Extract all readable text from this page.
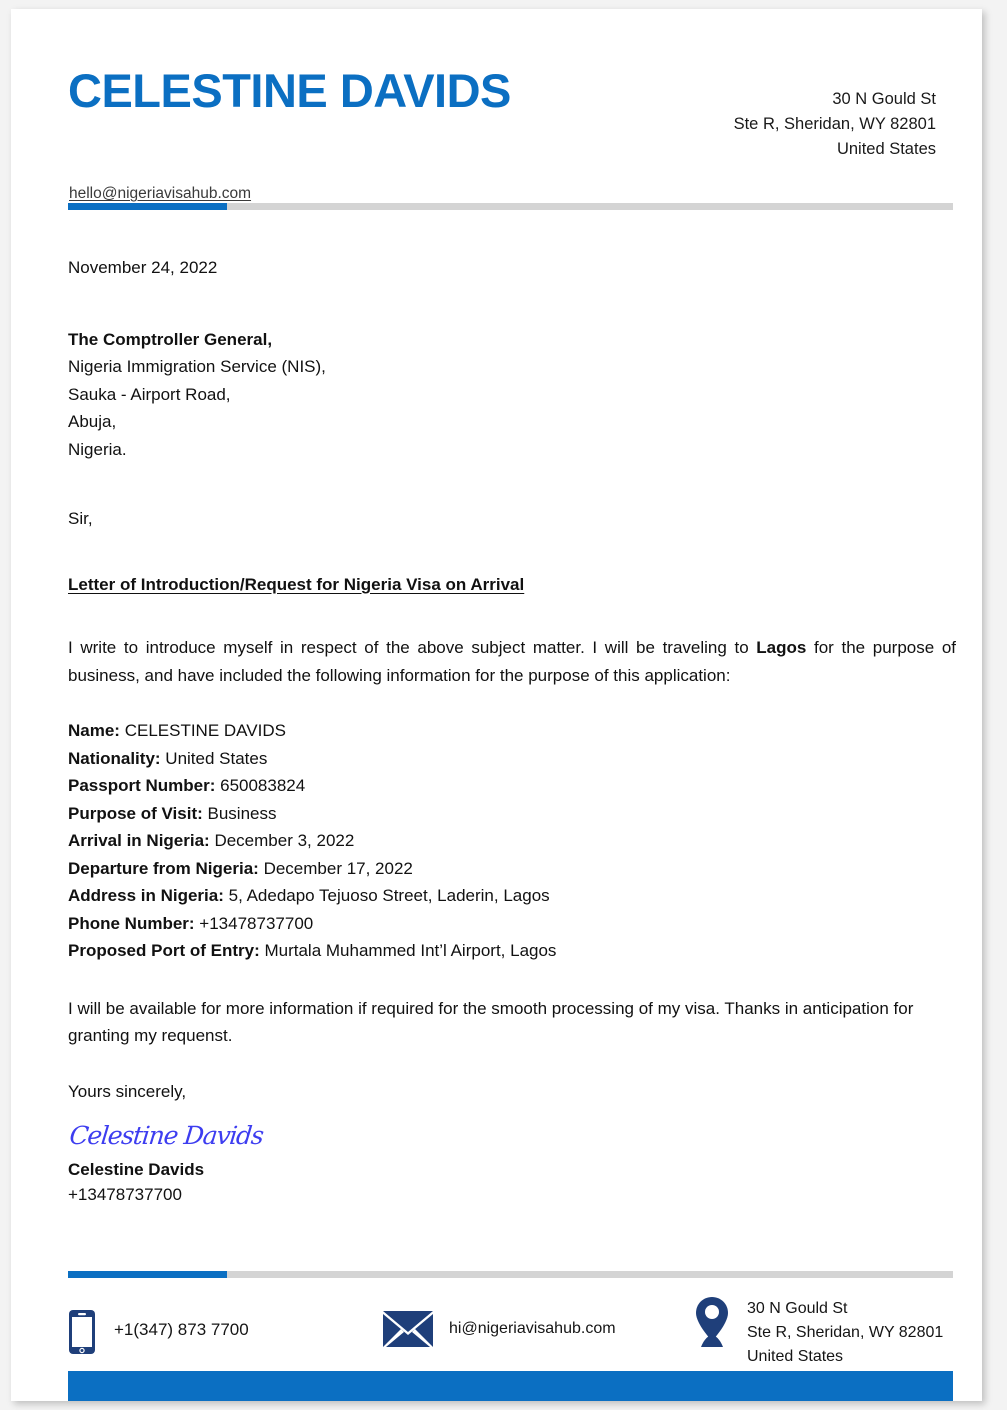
CELESTINE DAVIDS
hello@nigeriavisahub.com
30 N Gould St
Ste R, Sheridan, WY 82801
United States
November 24, 2022
The Comptroller General,
Nigeria Immigration Service (NIS),
Sauka - Airport Road,
Abuja,
Nigeria.
Sir,
Letter of Introduction/Request for Nigeria Visa on Arrival

I write to introduce myself in respect of the above subject matter. I will be traveling to Lagos for the purpose of business, and have included the following information for the purpose of this application:

Name: CELESTINE DAVIDS
Nationality: United States
Passport Number: 650083824
Purpose of Visit: Business
Arrival in Nigeria: December 3, 2022
Departure from Nigeria: December 17, 2022
Address in Nigeria: 5, Adedapo Tejuoso Street, Laderin, Lagos
Phone Number: +13478737700
Proposed Port of Entry: Murtala Muhammed Int’l Airport, Lagos

I will be available for more information if required for the smooth processing of my visa. Thanks in anticipation for granting my requenst.

Yours sincerely,
Celestine Davids
Celestine Davids
+13478737700
+1(347) 873 7700	hi@nigeriavisahub.com
30 N Gould St
Ste R, Sheridan, WY 82801
United States
